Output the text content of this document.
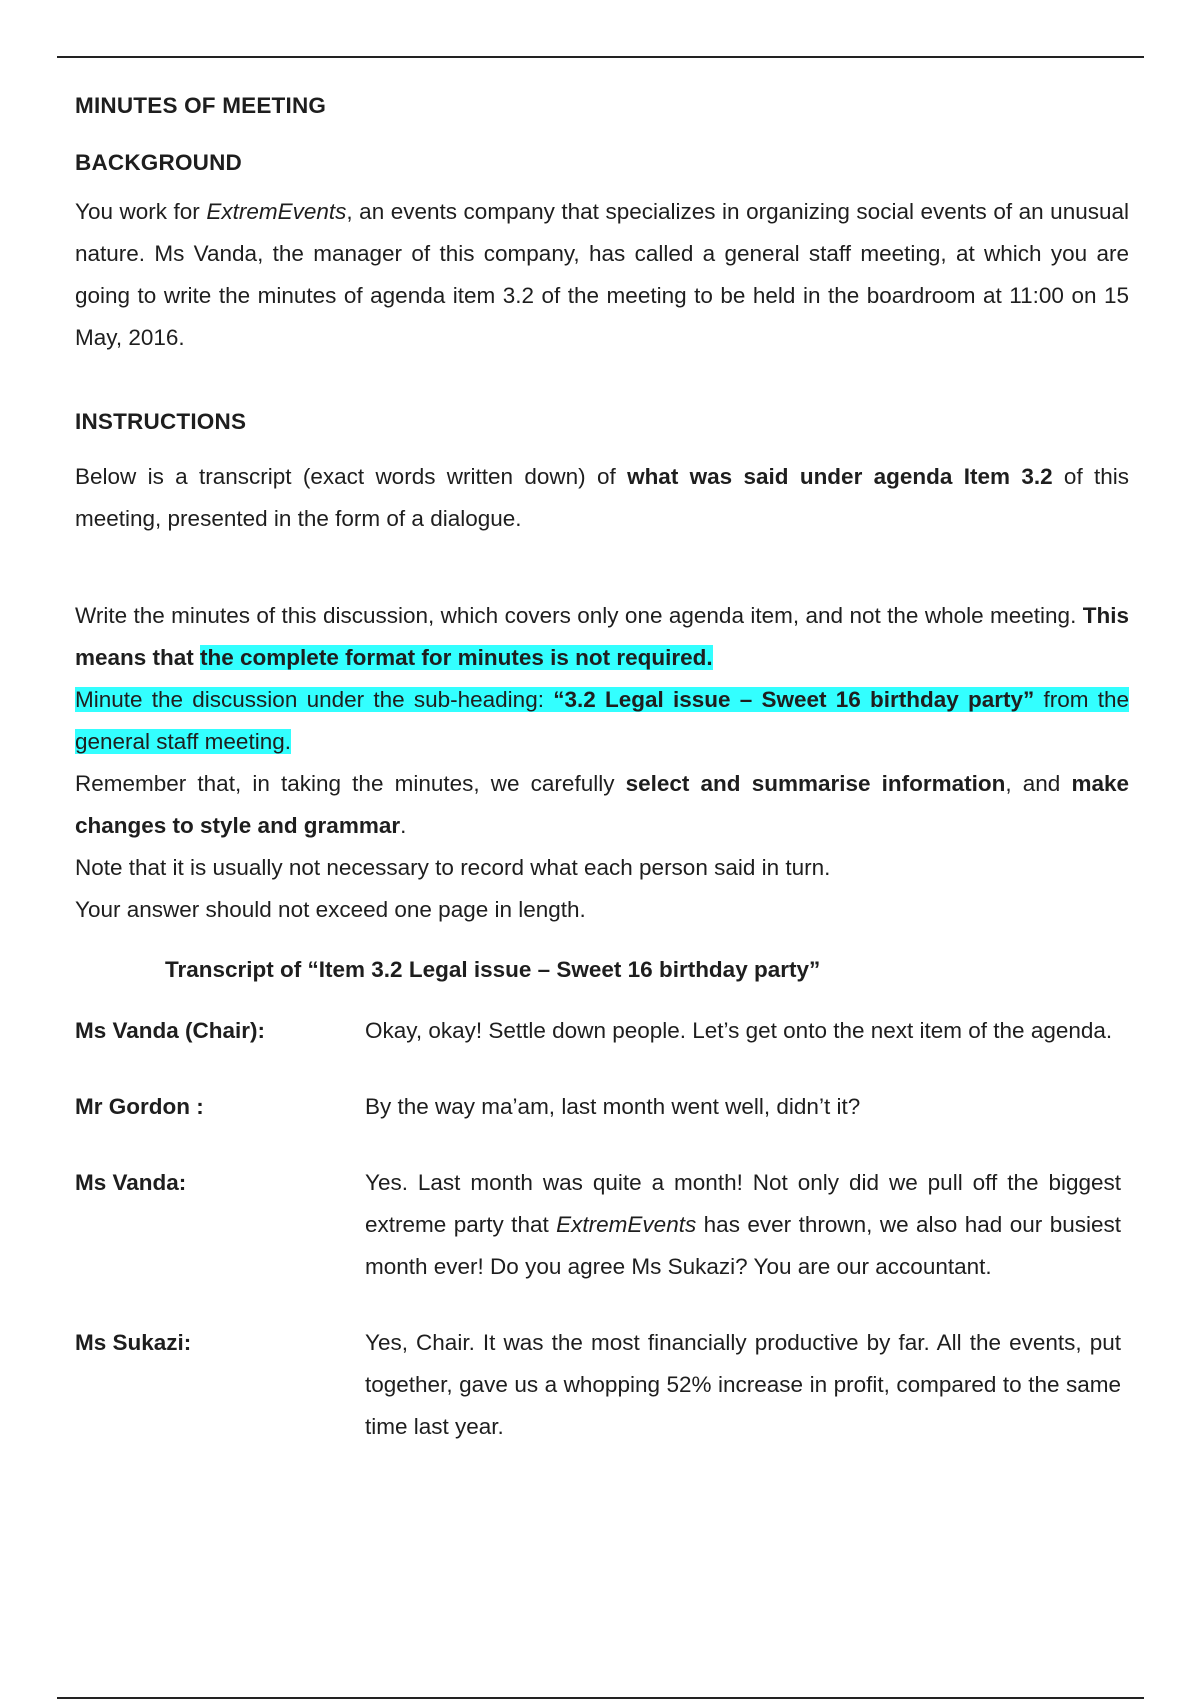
MINUTES OF MEETING

BACKGROUND

You work for ExtremEvents, an events company that specializes in organizing social events of an unusual nature. Ms Vanda, the manager of this company, has called a general staff meeting, at which you are going to write the minutes of agenda item 3.2 of the meeting to be held in the boardroom at 11:00 on 15 May, 2016.

INSTRUCTIONS

Below is a transcript (exact words written down) of what was said under agenda Item 3.2 of this meeting, presented in the form of a dialogue.

Write the minutes of this discussion, which covers only one agenda item, and not the whole meeting. This means that the complete format for minutes is not required.

Minute the discussion under the sub-heading: “3.2 Legal issue – Sweet 16 birthday party” from the general staff meeting.

Remember that, in taking the minutes, we carefully select and summarise information, and make changes to style and grammar.

Note that it is usually not necessary to record what each person said in turn.

Your answer should not exceed one page in length.

Transcript of “Item 3.2 Legal issue – Sweet 16 birthday party”

Ms Vanda (Chair):	Okay, okay! Settle down people. Let’s get onto the next item of the agenda.
Mr Gordon :	By the way ma’am, last month went well, didn’t it?
Ms Vanda:	Yes. Last month was quite a month! Not only did we pull off the biggest extreme party that ExtremEvents has ever thrown, we also had our busiest month ever! Do you agree Ms Sukazi? You are our accountant.
Ms Sukazi:	Yes, Chair. It was the most financially productive by far. All the events, put together, gave us a whopping 52% increase in profit, compared to the same time last year.
